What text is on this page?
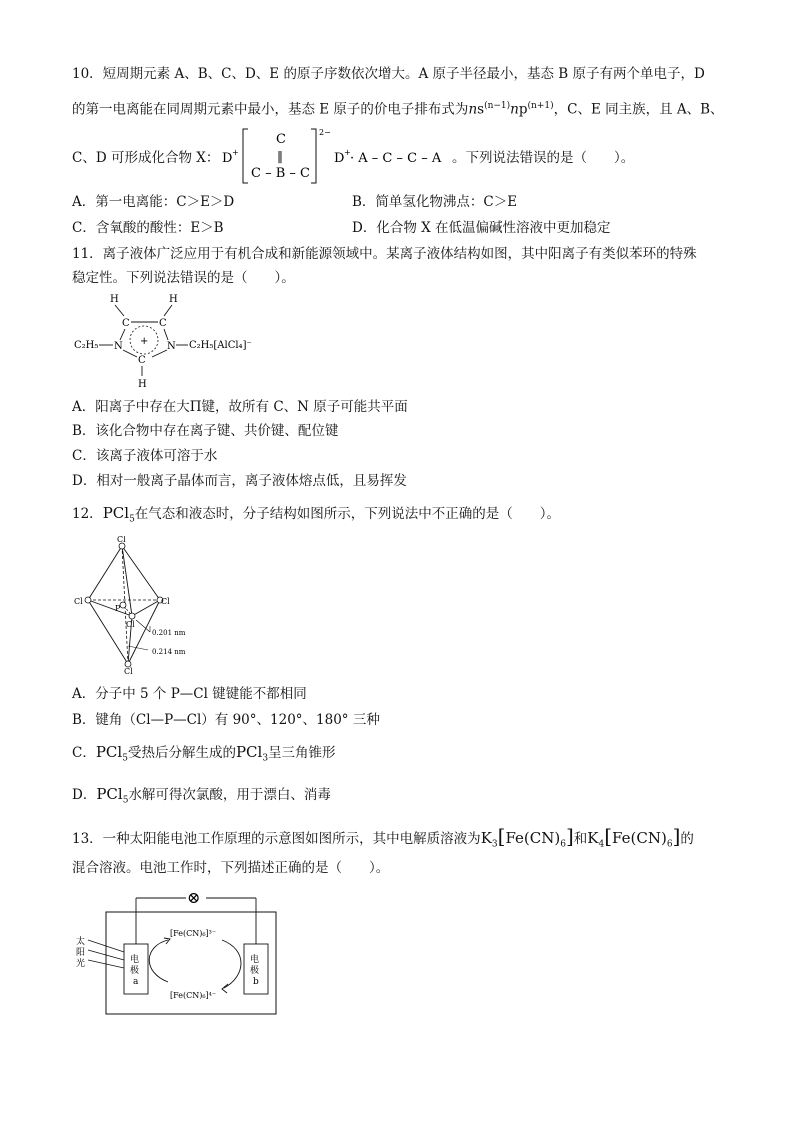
10．短周期元素 A、B、C、D、E 的原子序数依次增大。A 原子半径最小，基态 B 原子有两个单电子，D
的第一电离能在同周期元素中最小，基态 E 原子的价电子排布式为$ns^{(n-1)}np^{(n+1)}$，C、E 同主族，且 A、B、
C、D 可形成化合物 X： D +
C
‖
C – B – C
2−
D + · A – C – C – A 。下列说法错误的是（　　）。
A．第一电离能：C＞E＞D	B．简单氢化物沸点：C＞E
C．含氧酸的酸性：E＞B	D．化合物 X 在低温偏碱性溶液中更加稳定
11．离子液体广泛应用于有机合成和新能源领域中。某离子液体结构如图，其中阳离子有类似苯环的特殊
稳定性。下列说法错误的是（　　）。
H	H
C	C
N	N
C
+
H
C₂H₅	C₂H₅[AlCl₄]⁻
A．阳离子中存在大Π键，故所有 C、N 原子可能共平面
B．该化合物中存在离子键、共价键、配位键
C．该离子液体可溶于水
D．相对一般离子晶体而言，离子液体熔点低，且易挥发
12．PCl$_5$在气态和液态时，分子结构如图所示，下列说法中不正确的是（　　）。
Cl
Cl	Cl
Cl
Cl
P
0.201 nm
0.214 nm
A．分子中 5 个 P—Cl 键键能不都相同
B．键角（Cl—P—Cl）有 90°、120°、180° 三种
C．PCl$_5$受热后分解生成的PCl$_3$呈三角锥形
D．PCl$_5$水解可得次氯酸，用于漂白、消毒
13．一种太阳能电池工作原理的示意图如图所示，其中电解质溶液为$K_3[Fe(CN)_6]$和$K_4[Fe(CN)_6]$的
混合溶液。电池工作时，下列描述正确的是（　　）。
⊗
电
极
a
电
极
b
太
阳
光
[Fe(CN)₆]³⁻
[Fe(CN)₆]⁴⁻
